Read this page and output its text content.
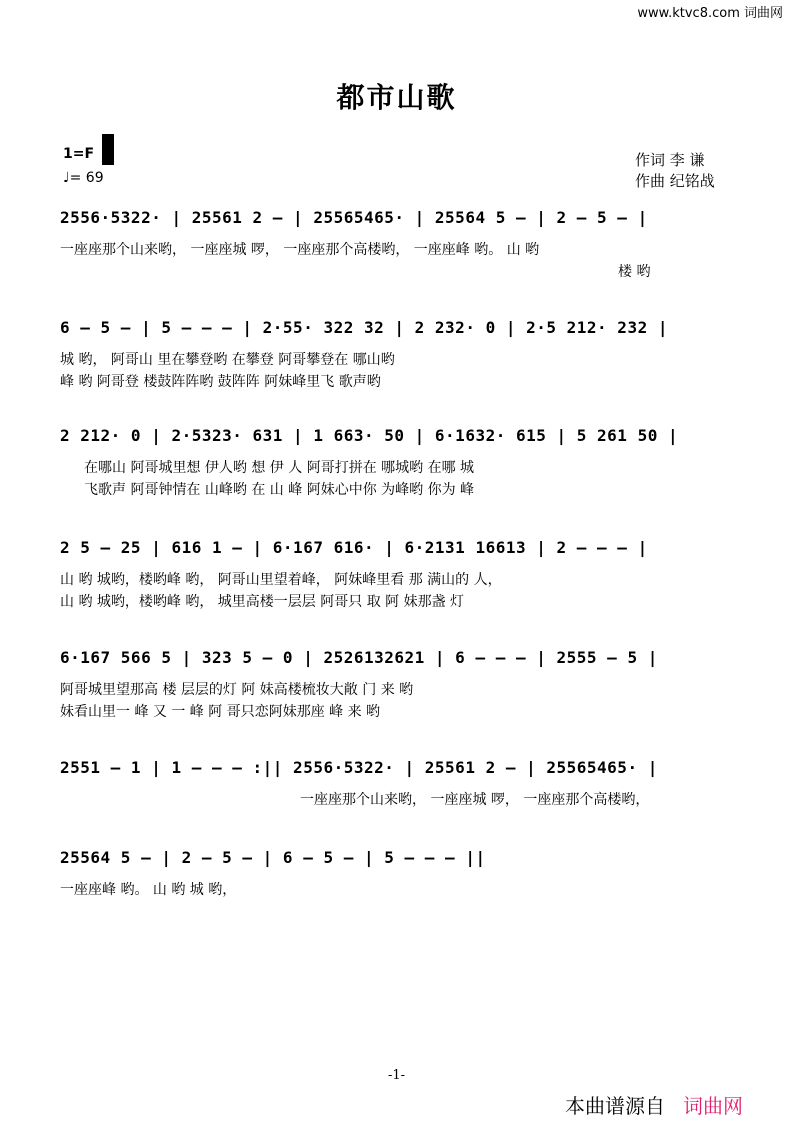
www.ktvc8.com 词曲网
都市山歌
1=F
♩= 69
作词 李 谦
作曲 纪铭战
2556·5322· | 25561 2 – | 25565465· | 25564 5 – | 2 – 5 – |
一座座那个山来哟， 一座座城 啰， 一座座那个高楼哟， 一座座峰 哟。 山 哟
楼 哟
6 – 5 – | 5 – – – | 2·55· 322 32 | 2 232· 0 | 2·5 212· 232 |
城 哟， 阿哥山 里在攀登哟 在攀登 阿哥攀登在 哪山哟
峰 哟 阿哥登 楼鼓阵阵哟 鼓阵阵 阿妹峰里飞 歌声哟
2 212· 0 | 2·5323· 631 | 1 663· 50 | 6·1632· 615 | 5 261 50 |
在哪山 阿哥城里想 伊人哟 想 伊 人 阿哥打拼在 哪城哟 在哪 城
飞歌声 阿哥钟情在 山峰哟 在 山 峰 阿妹心中你 为峰哟 你为 峰
2 5 – 25 | 616 1 – | 6·167 616· | 6·2131 16613 | 2 – – – |
山 哟 城哟，楼哟峰 哟， 阿哥山里望着峰， 阿妹峰里看 那 满山的 人，
山 哟 城哟，楼哟峰 哟， 城里高楼一层层 阿哥只 取 阿 妹那盏 灯
6·167 566 5 | 323 5 – 0 | 2526132621 | 6 – – – | 2555 – 5 |
阿哥城里望那高 楼 层层的灯 阿 妹高楼梳妆大敞 门 来 哟
妹看山里一 峰 又 一 峰 阿 哥只恋阿妹那座 峰 来 哟
2551 – 1 | 1 – – – :|| 2556·5322· | 25561 2 – | 25565465· |
一座座那个山来哟， 一座座城 啰， 一座座那个高楼哟，
25564 5 – | 2 – 5 – | 6 – 5 – | 5 – – – ||
一座座峰 哟。 山 哟 城 哟，
-1-
本曲谱源自 词曲网
